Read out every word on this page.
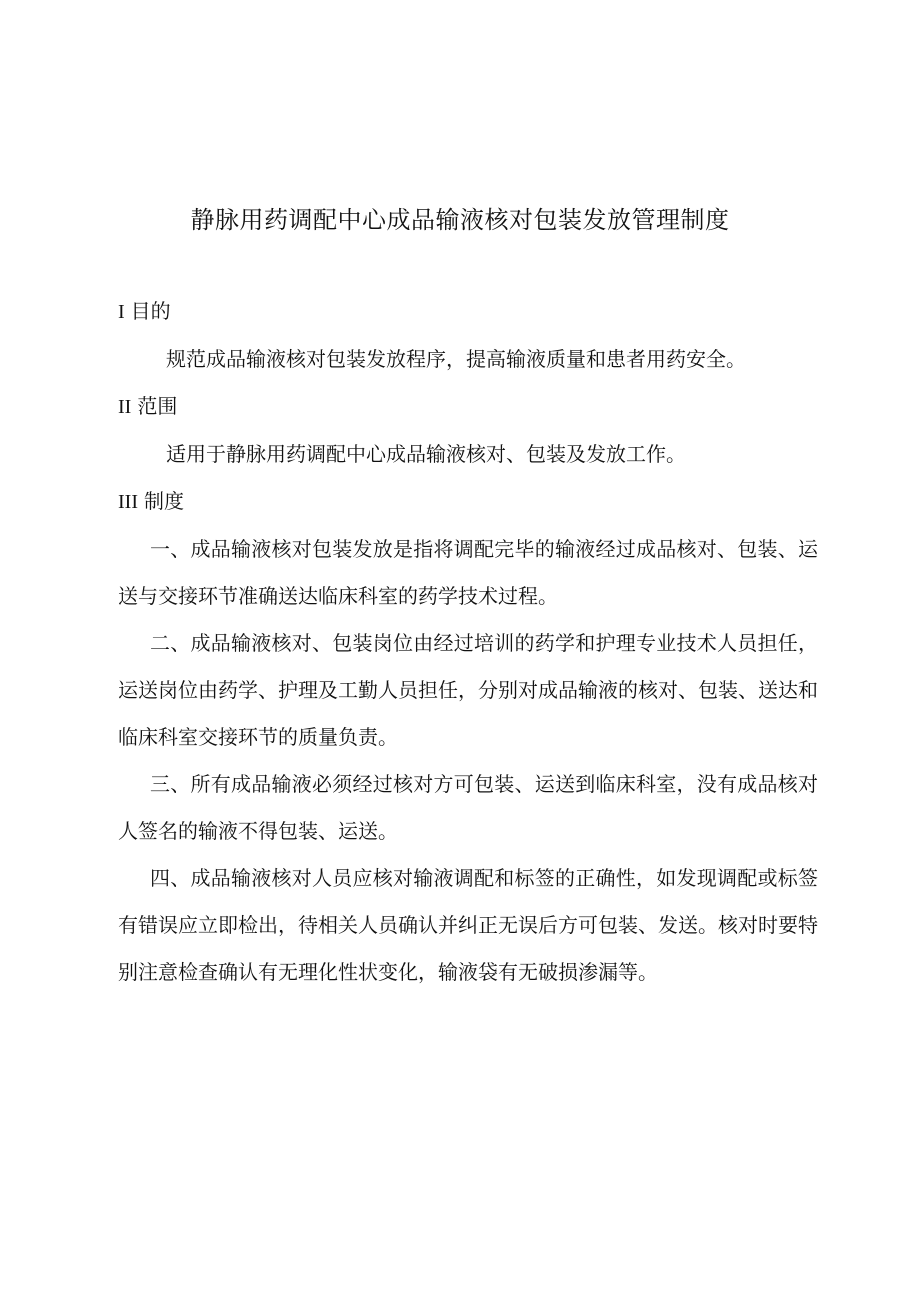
静脉用药调配中心成品输液核对包装发放管理制度
I 目的

规范成品输液核对包装发放程序，提高输液质量和患者用药安全。

II 范围

适用于静脉用药调配中心成品输液核对、包装及发放工作。

III 制度

一、成品输液核对包装发放是指将调配完毕的输液经过成品核对、包装、运送与交接环节准确送达临床科室的药学技术过程。

二、成品输液核对、包装岗位由经过培训的药学和护理专业技术人员担任，运送岗位由药学、护理及工勤人员担任，分别对成品输液的核对、包装、送达和临床科室交接环节的质量负责。

三、所有成品输液必须经过核对方可包装、运送到临床科室，没有成品核对人签名的输液不得包装、运送。

四、成品输液核对人员应核对输液调配和标签的正确性，如发现调配或标签有错误应立即检出，待相关人员确认并纠正无误后方可包装、发送。核对时要特别注意检查确认有无理化性状变化，输液袋有无破损渗漏等。
